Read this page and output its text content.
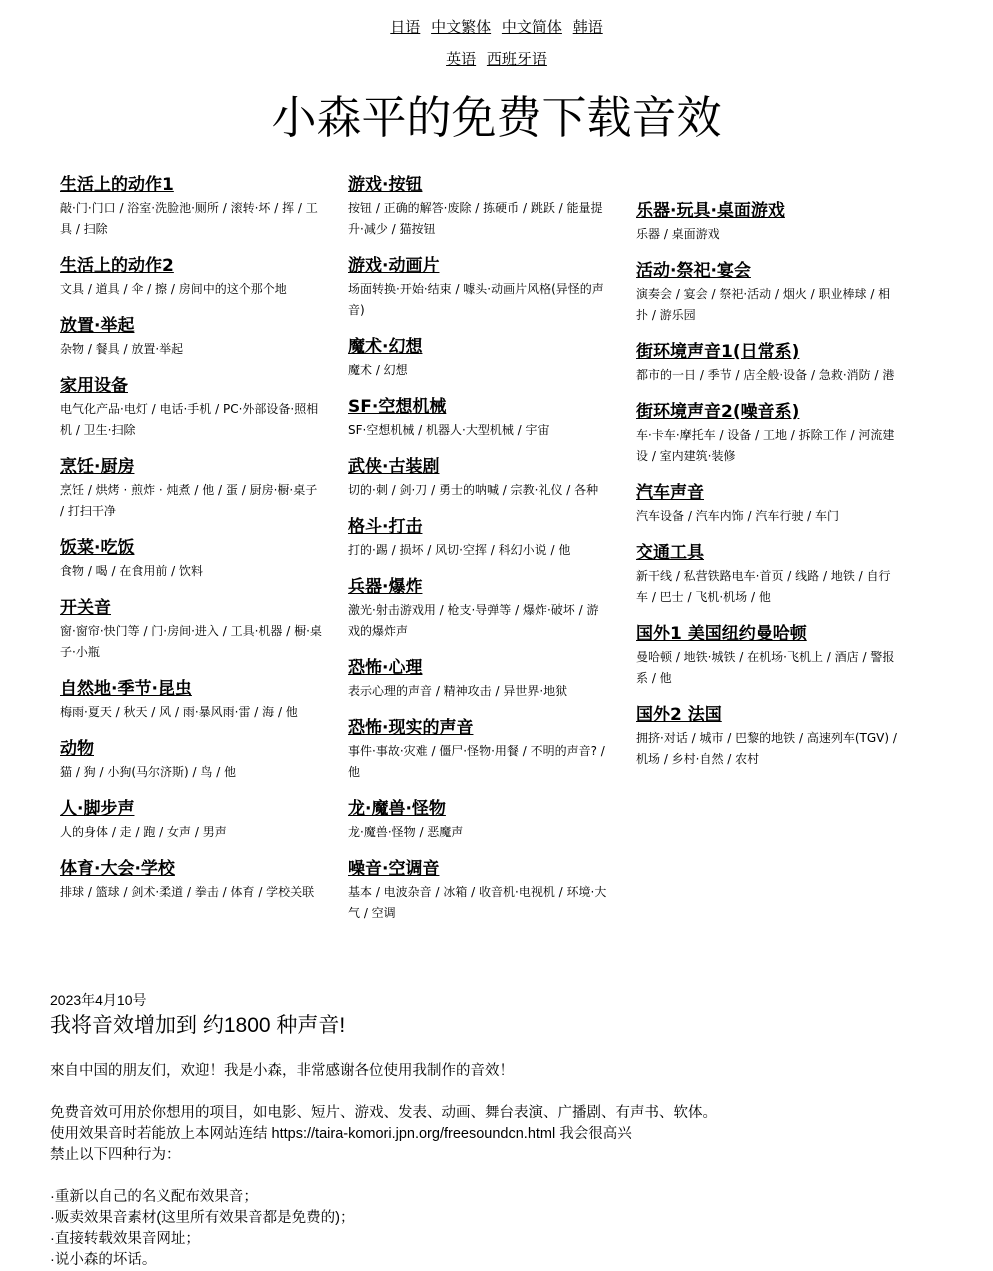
日语 中文繁体 中文简体 韩语
英语 西班牙语
小森平的免费下载音效
生活上的动作1

敲·门·门口 / 浴室·洗脸池·厕所 / 滚转·坏 / 挥 / 工具 / 扫除

生活上的动作2

文具 / 道具 / 伞 / 擦 / 房间中的这个那个地

放置·举起

杂物 / 餐具 / 放置·举起

家用设备

电气化产品·电灯 / 电话·手机 / PC·外部设备·照相机 / 卫生·扫除

烹饪·厨房

烹饪 / 烘烤 · 煎炸 · 炖煮 / 他 / 蛋 / 厨房·橱·桌子 / 打扫干净

饭菜·吃饭

食物 / 喝 / 在食用前 / 饮料

开关音

窗·窗帘·快门等 / 门·房间·进入 / 工具·机器 / 橱·桌子·小瓶

自然地·季节·昆虫

梅雨·夏天 / 秋天 / 风 / 雨·暴风雨·雷 / 海 / 他

动物

猫 / 狗 / 小狗(马尔济斯) / 鸟 / 他

人·脚步声

人的身体 / 走 / 跑 / 女声 / 男声

体育·大会·学校

排球 / 篮球 / 剑术·柔道 / 拳击 / 体育 / 学校关联

游戏·按钮

按钮 / 正确的解答·废除 / 拣硬币 / 跳跃 / 能量提升·减少 / 猫按钮

游戏·动画片

场面转换·开始·结束 / 噱头·动画片风格(异怪的声音)

魔术·幻想

魔术 / 幻想

SF·空想机械

SF·空想机械 / 机器人·大型机械 / 宇宙

武侠·古装剧

切的·刺 / 剑·刀 / 勇士的呐喊 / 宗教·礼仪 / 各种

格斗·打击

打的·踢 / 损坏 / 风切·空挥 / 科幻小说 / 他

兵器·爆炸

激光·射击游戏用 / 枪支·导弹等 / 爆炸·破坏 / 游戏的爆炸声

恐怖·心理

表示心理的声音 / 精神攻击 / 异世界·地狱

恐怖·现实的声音

事件·事故·灾难 / 僵尸·怪物·用餐 / 不明的声音? / 他

龙·魔兽·怪物

龙·魔兽·怪物 / 恶魔声

噪音·空调音

基本 / 电波杂音 / 冰箱 / 收音机·电视机 / 环境·大气 / 空调

乐器·玩具·桌面游戏

乐器 / 桌面游戏

活动·祭祀·宴会

演奏会 / 宴会 / 祭祀·活动 / 烟火 / 职业棒球 / 相扑 / 游乐园

街环境声音1(日常系)

都市的一日 / 季节 / 店全般·设备 / 急救·消防 / 港

街环境声音2(噪音系)

车·卡车·摩托车 / 设备 / 工地 / 拆除工作 / 河流建设 / 室内建筑·装修

汽车声音

汽车设备 / 汽车内饰 / 汽车行驶 / 车门

交通工具

新干线 / 私营铁路电车·首页 / 线路 / 地铁 / 自行车 / 巴士 / 飞机·机场 / 他

国外1 美国纽约曼哈顿

曼哈顿 / 地铁·城铁 / 在机场·飞机上 / 酒店 / 警报系 / 他

国外2 法国

拥挤·对话 / 城市 / 巴黎的地铁 / 高速列车(TGV) / 机场 / 乡村·自然 / 农村

2023年4月10号
我将音效增加到 约1800 种声音!

來自中国的朋友们，欢迎！我是小森，非常感谢各位使用我制作的音效！

免费音效可用於你想用的项目，如电影、短片、游戏、发表、动画、舞台表演、广播剧、有声书、软体。

使用效果音时若能放上本网站连结 https://taira-komori.jpn.org/freesoundcn.html 我会很高兴

禁止以下四种行为：

·重新以自己的名义配布效果音；

·贩卖效果音素材(这里所有效果音都是免费的)；

·直接转载效果音网址；

·说小森的坏话。
